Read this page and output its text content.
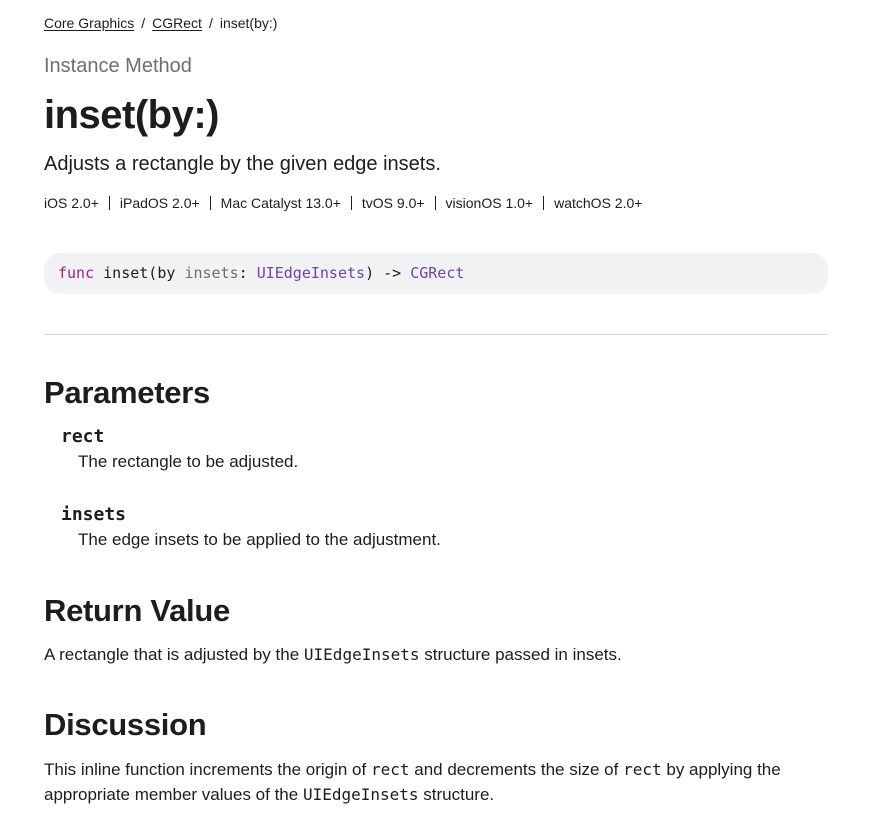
Core Graphics / CGRect / inset(by:)
Instance Method
inset(by:)
Adjusts a rectangle by the given edge insets.
iOS 2.0+ iPadOS 2.0+ Mac Catalyst 13.0+ tvOS 9.0+ visionOS 1.0+ watchOS 2.0+
func inset(by insets: UIEdgeInsets) -> CGRect
Parameters
rect
The rectangle to be adjusted.
insets
The edge insets to be applied to the adjustment.
Return Value
A rectangle that is adjusted by the UIEdgeInsets structure passed in insets.
Discussion
This inline function increments the origin of rect and decrements the size of rect by applying the appropriate member values of the UIEdgeInsets structure.
